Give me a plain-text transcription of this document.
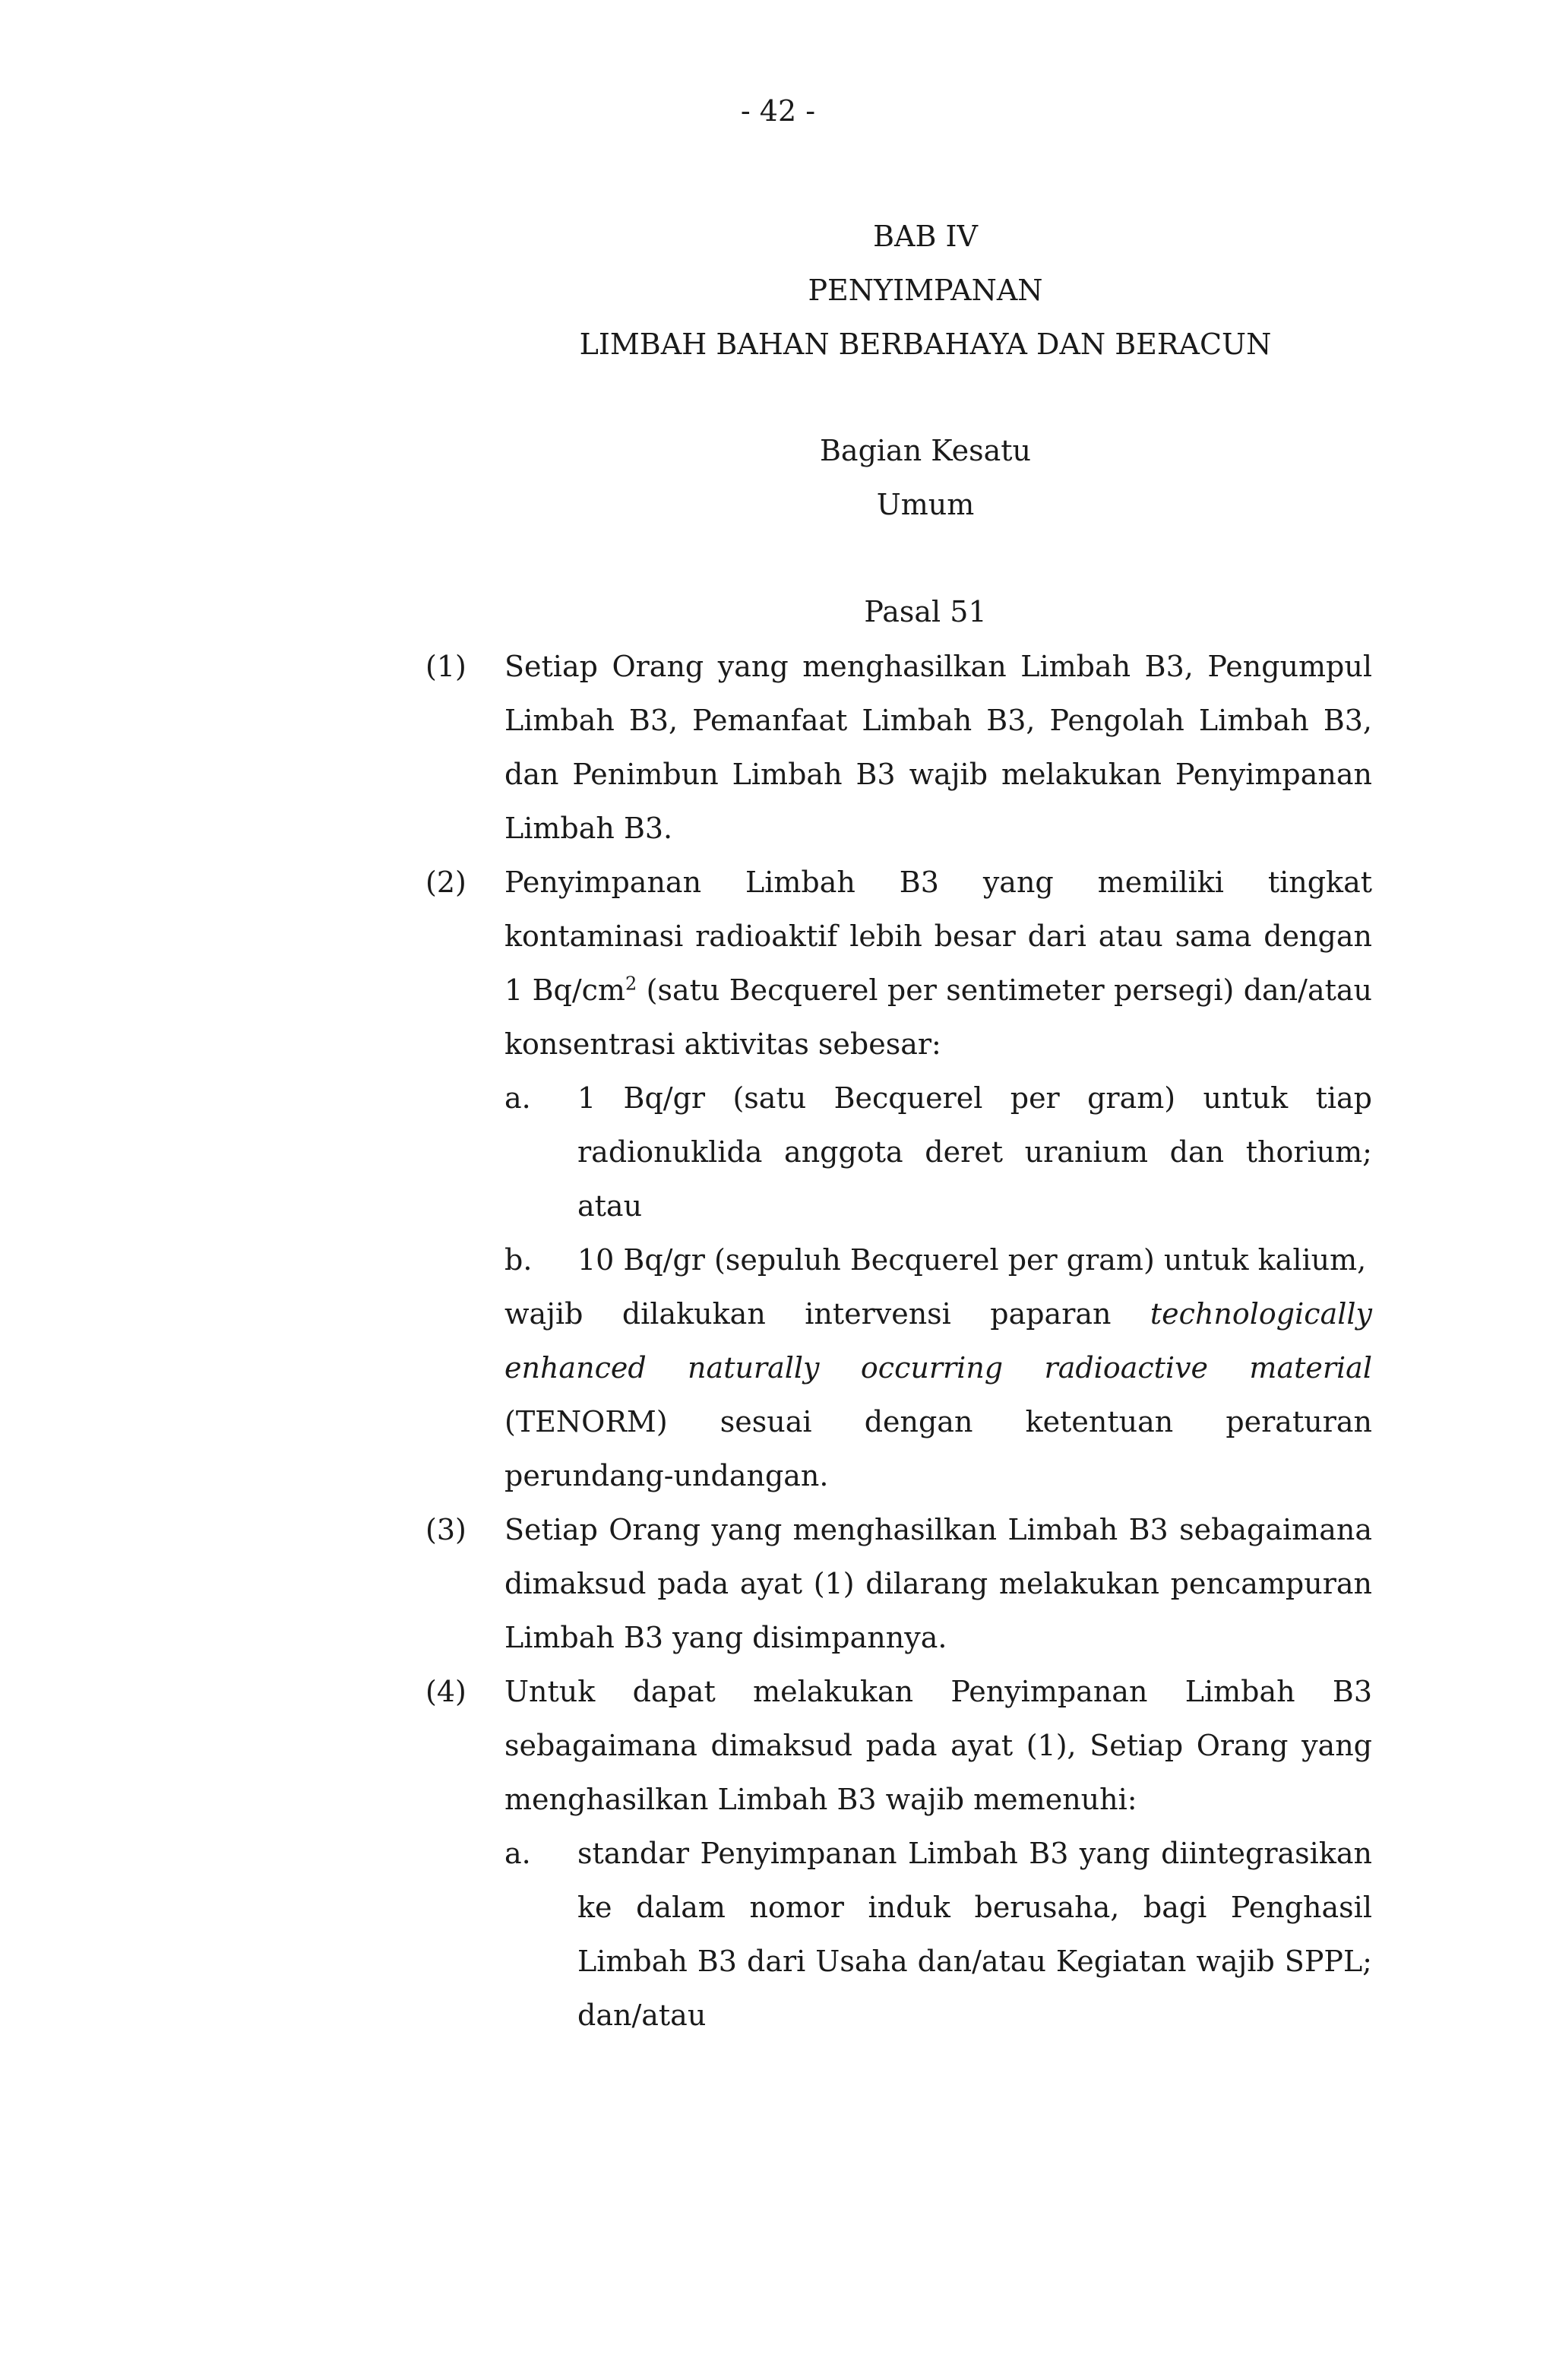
- 42 -
BAB IV
PENYIMPANAN
LIMBAH BAHAN BERBAHAYA DAN BERACUN
Bagian Kesatu
Umum
Pasal 51
(1) Setiap Orang yang menghasilkan Limbah B3, Pengumpul Limbah B3, Pemanfaat Limbah B3, Pengolah Limbah B3, dan Penimbun Limbah B3 wajib melakukan Penyimpanan Limbah B3.

(2) Penyimpanan Limbah B3 yang memiliki tingkat kontaminasi radioaktif lebih besar dari atau sama dengan 1 $Bq/cm^2$ (satu Becquerel per sentimeter persegi) dan/atau konsentrasi aktivitas sebesar:

a. 1 Bq/gr (satu Becquerel per gram) untuk tiap radionuklida anggota deret uranium dan thorium; atau

b. 10 Bq/gr (sepuluh Becquerel per gram) untuk kalium,

wajib dilakukan intervensi paparan technologically enhanced naturally occurring radioactive material (TENORM) sesuai dengan ketentuan peraturan perundang-undangan.

(3) Setiap Orang yang menghasilkan Limbah B3 sebagaimana dimaksud pada ayat (1) dilarang melakukan pencampuran Limbah B3 yang disimpannya.

(4) Untuk dapat melakukan Penyimpanan Limbah B3 sebagaimana dimaksud pada ayat (1), Setiap Orang yang menghasilkan Limbah B3 wajib memenuhi:

a. standar Penyimpanan Limbah B3 yang diintegrasikan ke dalam nomor induk berusaha, bagi Penghasil Limbah B3 dari Usaha dan/atau Kegiatan wajib SPPL; dan/atau
